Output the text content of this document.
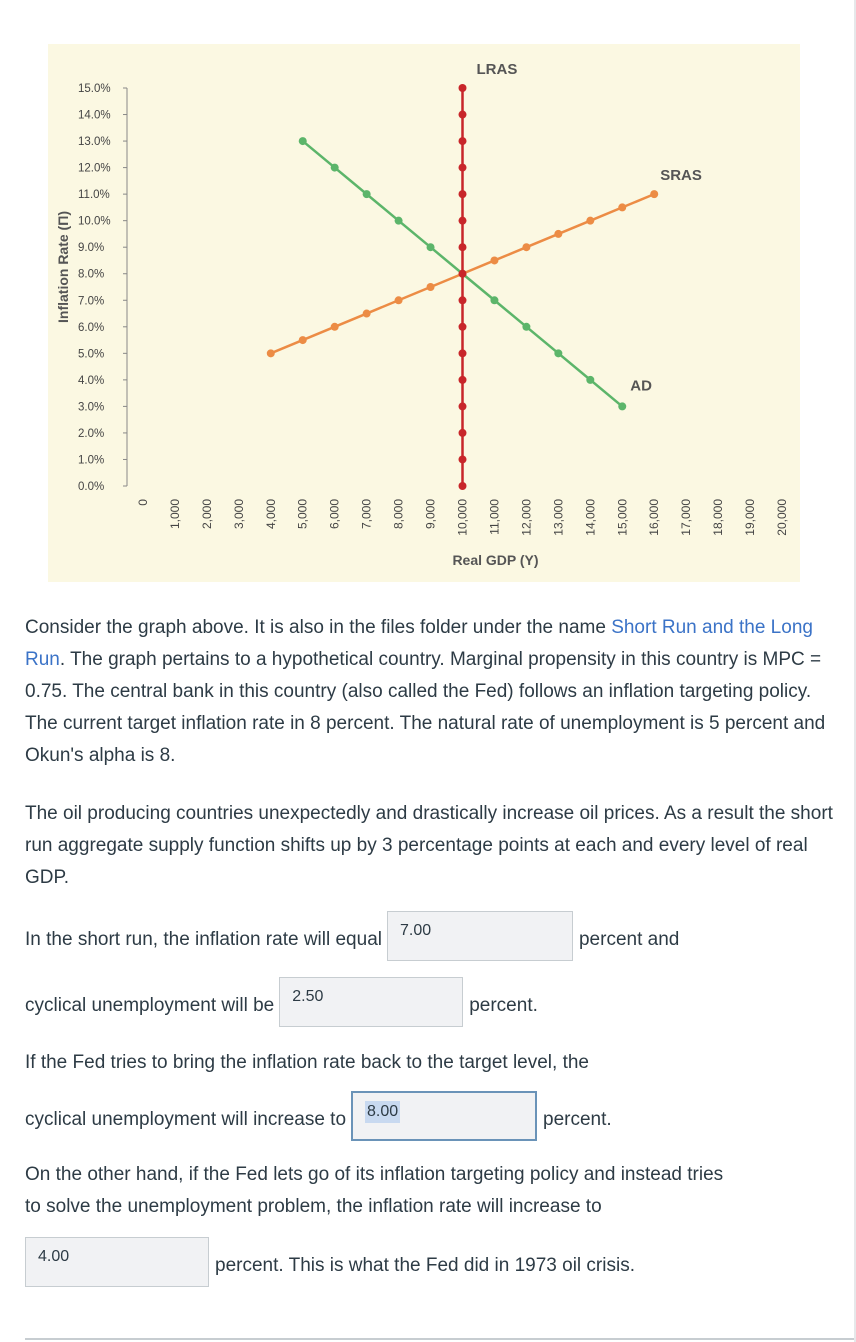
0.0%
1.0%
2.0%
3.0%
4.0%
5.0%
6.0%
7.0%
8.0%
9.0%
10.0%
11.0%
12.0%
13.0%
14.0%
15.0%
0 1,000 2,000 3,000 4,000 5,000 6,000 7,000 8,000 9,000 10,000 11,000 12,000 13,000 14,000 15,000 16,000 17,000 18,000 19,000 20,000
Real GDP (Y)
Inflation Rate (Π)
AD
SRAS
LRAS

Consider the graph above. It is also in the files folder under the name Short Run and the Long Run. The graph pertains to a hypothetical country. Marginal propensity in this country is MPC = 0.75. The central bank in this country (also called the Fed) follows an inflation targeting policy. The current target inflation rate in 8 percent. The natural rate of unemployment is 5 percent and Okun's alpha is 8.

The oil producing countries unexpectedly and drastically increase oil prices. As a result the short run aggregate supply function shifts up by 3 percentage points at each and every level of real GDP.

In the short run, the inflation rate will equal	7.00	percent and
cyclical unemployment will be	2.50	percent.
If the Fed tries to bring the inflation rate back to the target level, the
cyclical unemployment will increase to	8.00	percent.
On the other hand, if the Fed lets go of its inflation targeting policy and instead tries
to solve the unemployment problem, the inflation rate will increase to
4.00	percent. This is what the Fed did in 1973 oil crisis.
